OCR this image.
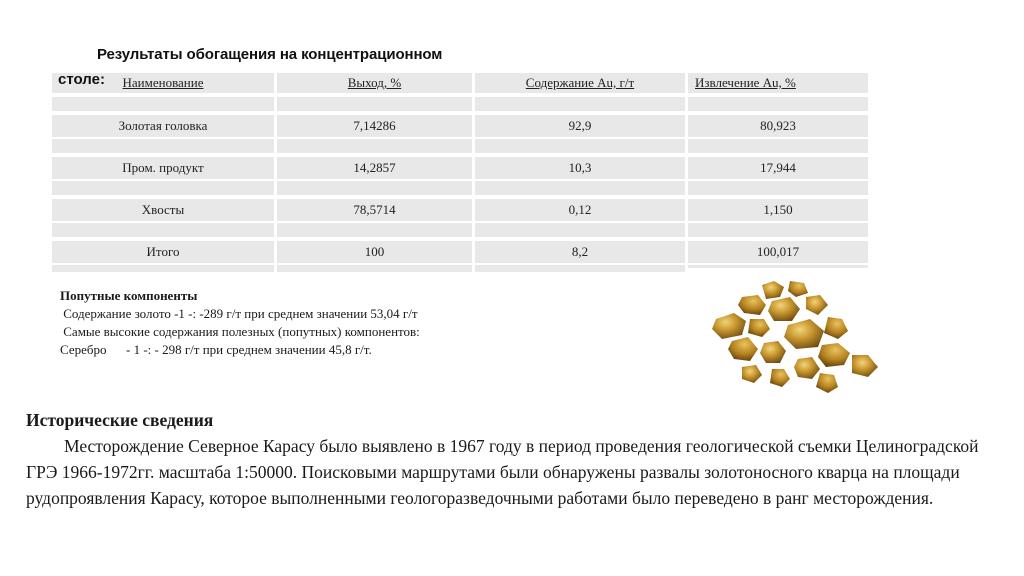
Результаты обогащения на концентрационном
столе: Наименование
Золотая головка
Пром. продукт
Хвосты
Итого
Выход, %
7,14286
14,2857
78,5714
100
Содержание Au, г/т
92,9
10,3
0,12
8,2
Извлечение Au, %
80,923
17,944
1,150
100,017
Попутные компоненты
Содержание золото -1 -: -289 г/т при среднем значении 53,04 г/т
Самые высокие содержания полезных (попутных) компонентов:
Серебро      - 1 -: - 298 г/т при среднем значении 45,8 г/т.
Исторические сведения

Месторождение Северное Карасу было выявлено в 1967 году в период проведения геологической съемки Целиноградской ГРЭ 1966-1972гг. масштаба 1:50000. Поисковыми маршрутами были обнаружены развалы золотоносного кварца на площади рудопроявления Карасу, которое выполненными геологоразведочными работами было переведено в ранг месторождения.
